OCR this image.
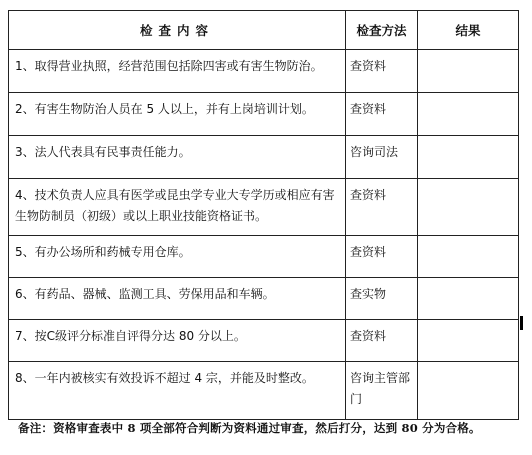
检查内容	检查方法	结果
1、取得营业执照，经营范围包括除四害或有害生物防治。	查资料	
2、有害生物防治人员在 5 人以上，并有上岗培训计划。	查资料	
3、法人代表具有民事责任能力。	咨询司法	
4、技术负责人应具有医学或昆虫学专业大专学历或相应有害生物防制员（初级）或以上职业技能资格证书。	查资料	
5、有办公场所和药械专用仓库。	查资料	
6、有药品、器械、监测工具、劳保用品和车辆。	查实物	
7、按C级评分标准自评得分达 80 分以上。	查资料	
8、一年内被核实有效投诉不超过 4 宗，并能及时整改。	咨询主管部门	
备注：资格审查表中 8 项全部符合判断为资料通过审查，然后打分，达到 80 分为合格。
